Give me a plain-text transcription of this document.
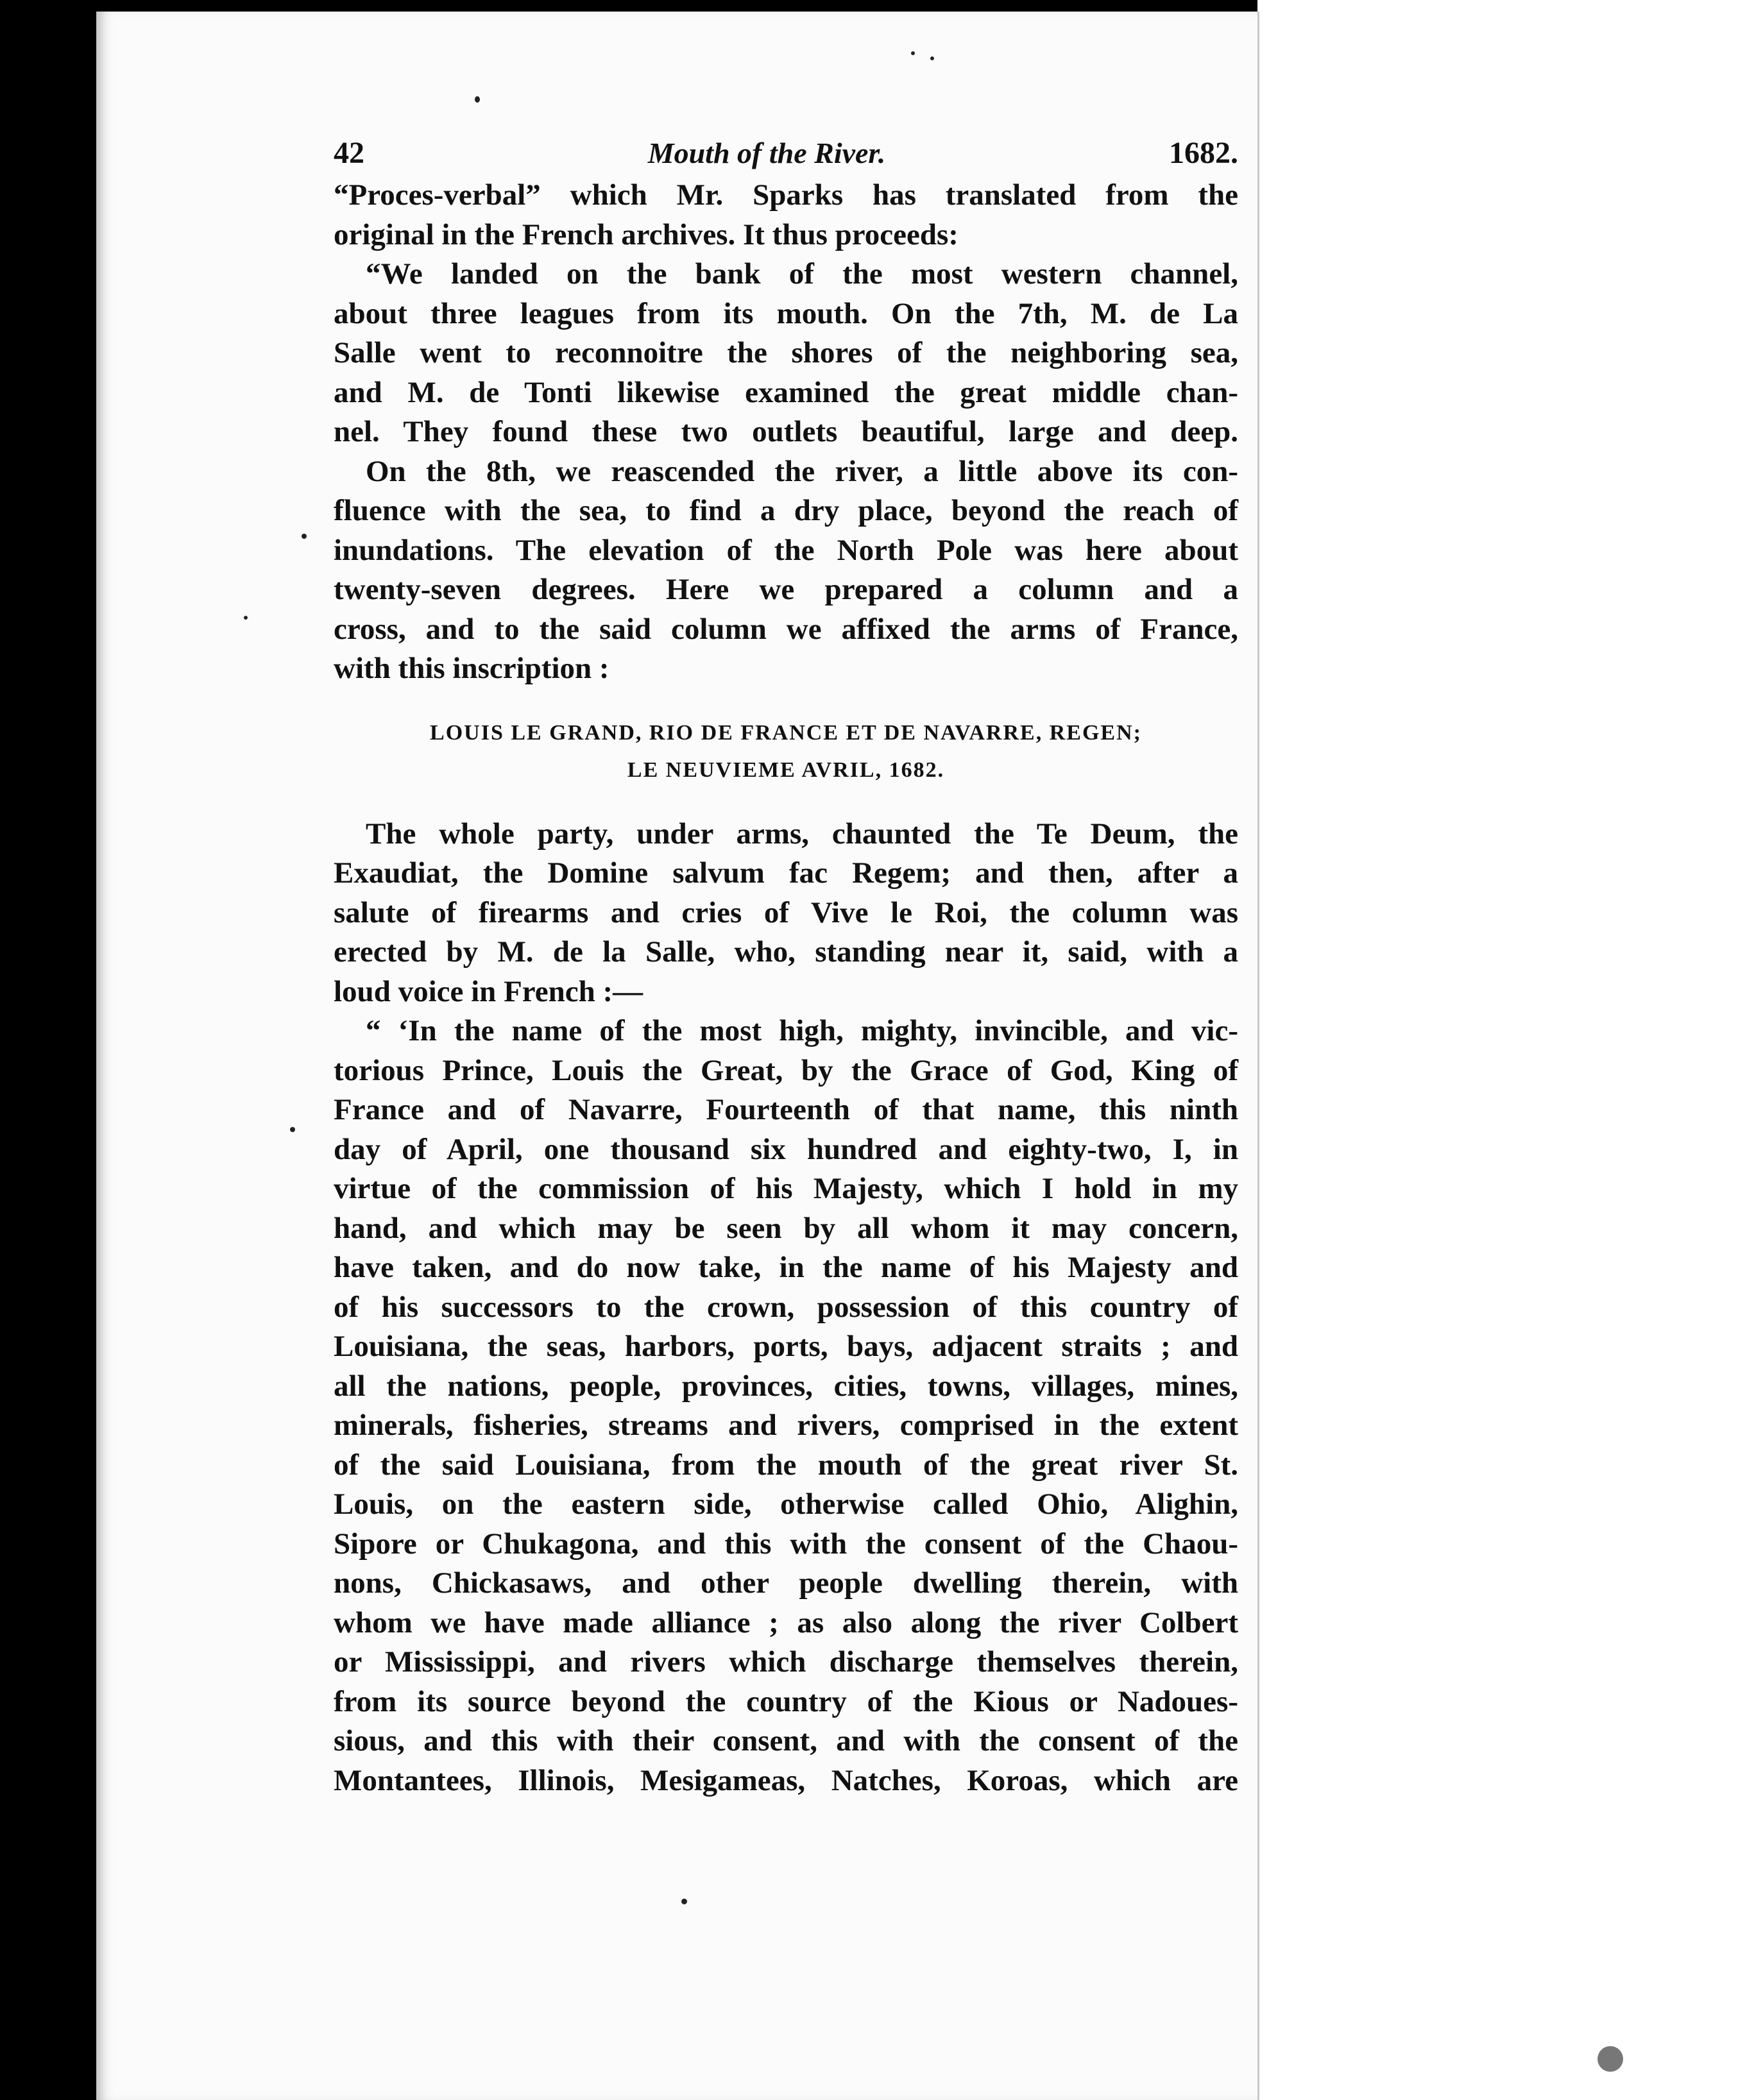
42	Mouth of the River.	1682.
“Proces-verbal” which Mr. Sparks has translated from the
original in the French archives. It thus proceeds:
“We landed on the bank of the most western channel,
about three leagues from its mouth. On the 7th, M. de La
Salle went to reconnoitre the shores of the neighboring sea,
and M. de Tonti likewise examined the great middle chan-
nel. They found these two outlets beautiful, large and deep.
On the 8th, we reascended the river, a little above its con-
fluence with the sea, to find a dry place, beyond the reach of
inundations. The elevation of the North Pole was here about
twenty-seven degrees. Here we prepared a column and a
cross, and to the said column we affixed the arms of France,
with this inscription :
LOUIS LE GRAND, RIO DE FRANCE ET DE NAVARRE, REGEN;
LE NEUVIEME AVRIL, 1682.
The whole party, under arms, chaunted the Te Deum, the
Exaudiat, the Domine salvum fac Regem; and then, after a
salute of firearms and cries of Vive le Roi, the column was
erected by M. de la Salle, who, standing near it, said, with a
loud voice in French :—
“ ‘In the name of the most high, mighty, invincible, and vic-
torious Prince, Louis the Great, by the Grace of God, King of
France and of Navarre, Fourteenth of that name, this ninth
day of April, one thousand six hundred and eighty-two, I, in
virtue of the commission of his Majesty, which I hold in my
hand, and which may be seen by all whom it may concern,
have taken, and do now take, in the name of his Majesty and
of his successors to the crown, possession of this country of
Louisiana, the seas, harbors, ports, bays, adjacent straits ; and
all the nations, people, provinces, cities, towns, villages, mines,
minerals, fisheries, streams and rivers, comprised in the extent
of the said Louisiana, from the mouth of the great river St.
Louis, on the eastern side, otherwise called Ohio, Alighin,
Sipore or Chukagona, and this with the consent of the Chaou-
nons, Chickasaws, and other people dwelling therein, with
whom we have made alliance ; as also along the river Colbert
or Mississippi, and rivers which discharge themselves therein,
from its source beyond the country of the Kious or Nadoues-
sious, and this with their consent, and with the consent of the
Montantees, Illinois, Mesigameas, Natches, Koroas, which are
